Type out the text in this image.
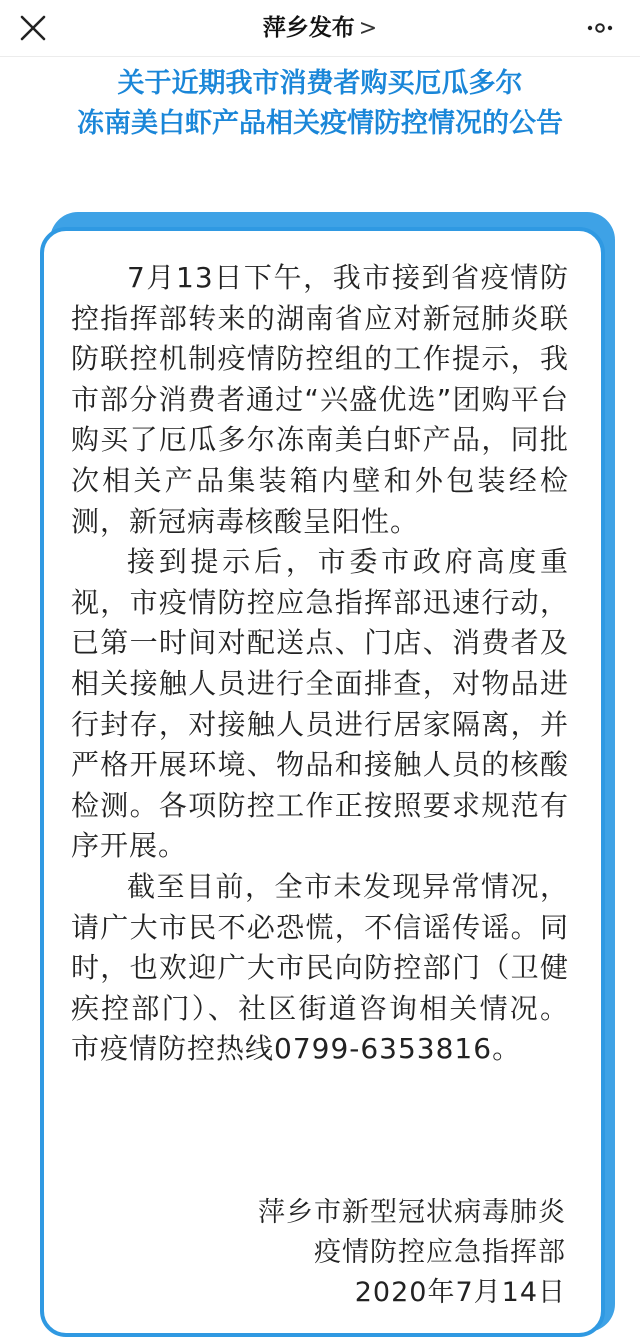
萍乡发布 >
关于近期我市消费者购买厄瓜多尔
冻南美白虾产品相关疫情防控情况的公告

7月13日下午，我市接到省疫情防控指挥部转来的湖南省应对新冠肺炎联防联控机制疫情防控组的工作提示，我市部分消费者通过“兴盛优选”团购平台购买了厄瓜多尔冻南美白虾产品，同批次相关产品集装箱内壁和外包装经检测，新冠病毒核酸呈阳性。

接到提示后，市委市政府高度重视，市疫情防控应急指挥部迅速行动，已第一时间对配送点、门店、消费者及相关接触人员进行全面排查，对物品进行封存，对接触人员进行居家隔离，并严格开展环境、物品和接触人员的核酸检测。各项防控工作正按照要求规范有序开展。

截至目前，全市未发现异常情况，请广大市民不必恐慌，不信谣传谣。同时，也欢迎广大市民向防控部门（卫健疾控部门）、社区街道咨询相关情况。市疫情防控热线0799-6353816。

萍乡市新型冠状病毒肺炎
疫情防控应急指挥部
2020年7月14日
